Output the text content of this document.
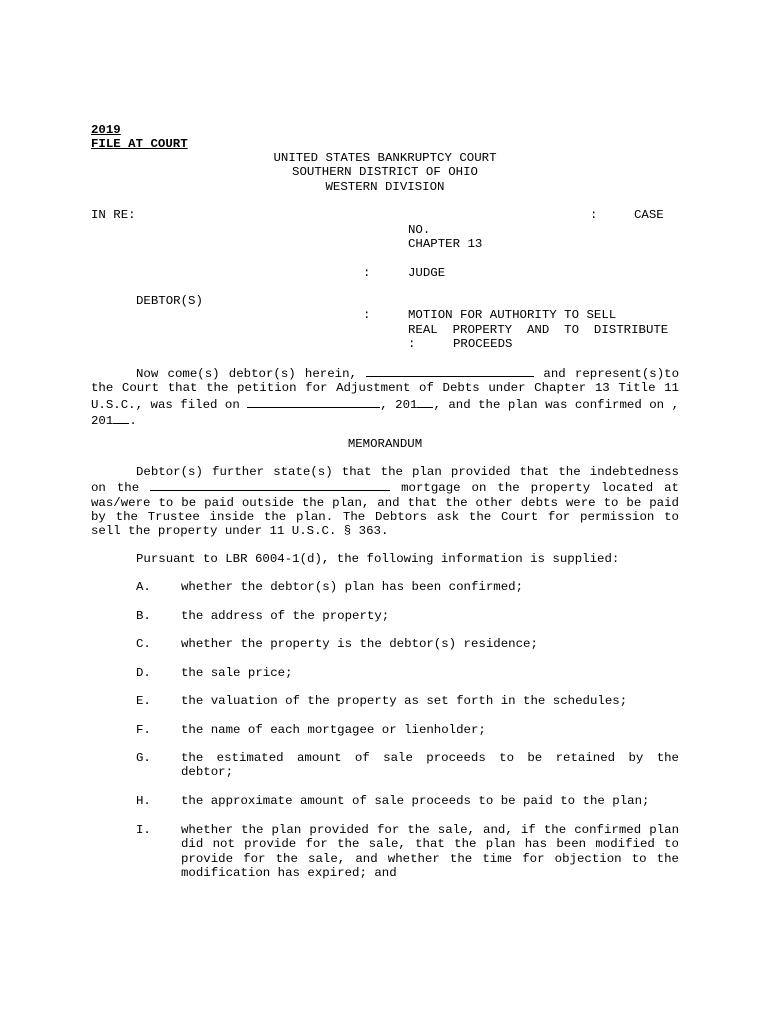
2019
FILE AT COURT
UNITED STATES BANKRUPTCY COURT
SOUTHERN DISTRICT OF OHIO
WESTERN DIVISION
IN RE:	:	CASE
NO.
CHAPTER 13
:	JUDGE
DEBTOR(S)
:	MOTION FOR AUTHORITY TO SELL
REAL  PROPERTY  AND  TO  DISTRIBUTE
:	PROCEEDS
Now come(s) debtor(s) herein,	and represent(s)to the Court that the petition for Adjustment of Debts under Chapter 13 Title 11 U.S.C., was filed on	, 201 , and the plan was confirmed on , 201 .
MEMORANDUM
Debtor(s) further state(s) that the plan provided that the indebtedness on the	mortgage on the property located at was/were to be paid outside the plan, and that the other debts were to be paid by the Trustee inside the plan. The Debtors ask the Court for permission to sell the property under 11 U.S.C. § 363.
Pursuant to LBR 6004-1(d), the following information is supplied:
A. whether the debtor(s) plan has been confirmed;
B. the address of the property;
C. whether the property is the debtor(s) residence;
D. the sale price;
E. the valuation of the property as set forth in the schedules;
F. the name of each mortgagee or lienholder;
G. the estimated amount of sale proceeds to be retained by the debtor;
H. the approximate amount of sale proceeds to be paid to the plan;
I. whether the plan provided for the sale, and, if the confirmed plan did not provide for the sale, that the plan has been modified to provide for the sale, and whether the time for objection to the modification has expired; and
